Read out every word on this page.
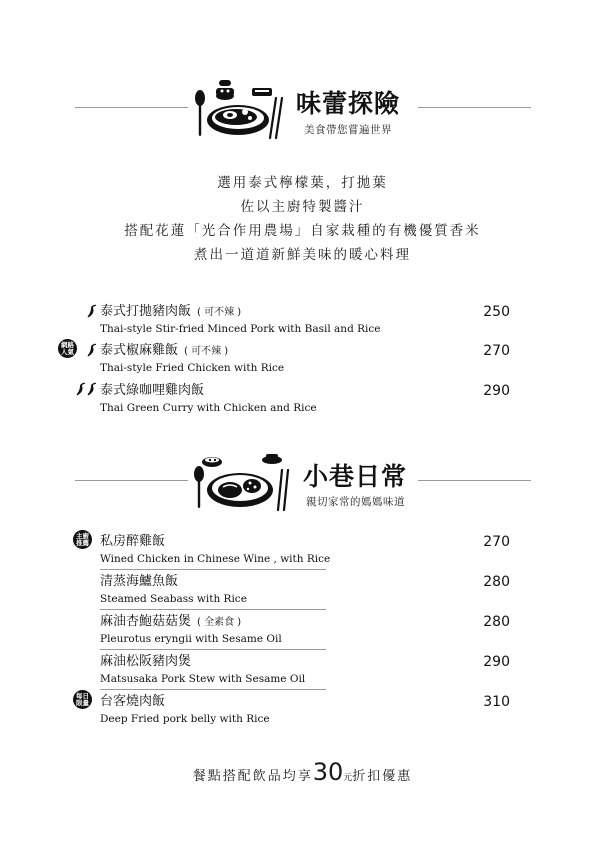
味蕾探險
美食帶您嘗遍世界
選用泰式檸檬葉，打拋葉
佐以主廚特製醬汁
搭配花蓮「光合作用農場」自家栽種的有機優質香米
煮出一道道新鮮美味的暖心料理
網路人氣
泰式打拋豬肉飯 ( 可不辣 )
Thai-style Stir-fried Minced Pork with Basil and Rice
250
泰式椒麻雞飯 ( 可不辣 )
Thai-style Fried Chicken with Rice
270
泰式綠咖哩雞肉飯
Thai Green Curry with Chicken and Rice
290
小巷日常
親切家常的媽媽味道
主廚推薦 私房醉雞飯
Wined Chicken in Chinese Wine , with Rice
270
清蒸海鱸魚飯
Steamed Seabass with Rice
280
麻油杏鮑菇菇煲 ( 全素食 )
Pleurotus eryngii with Sesame Oil
280
麻油松阪豬肉煲
Matsusaka Pork Stew with Sesame Oil
290
每日限量 台客燒肉飯
Deep Fried pork belly with Rice
310
餐點搭配飲品均享30元折扣優惠
